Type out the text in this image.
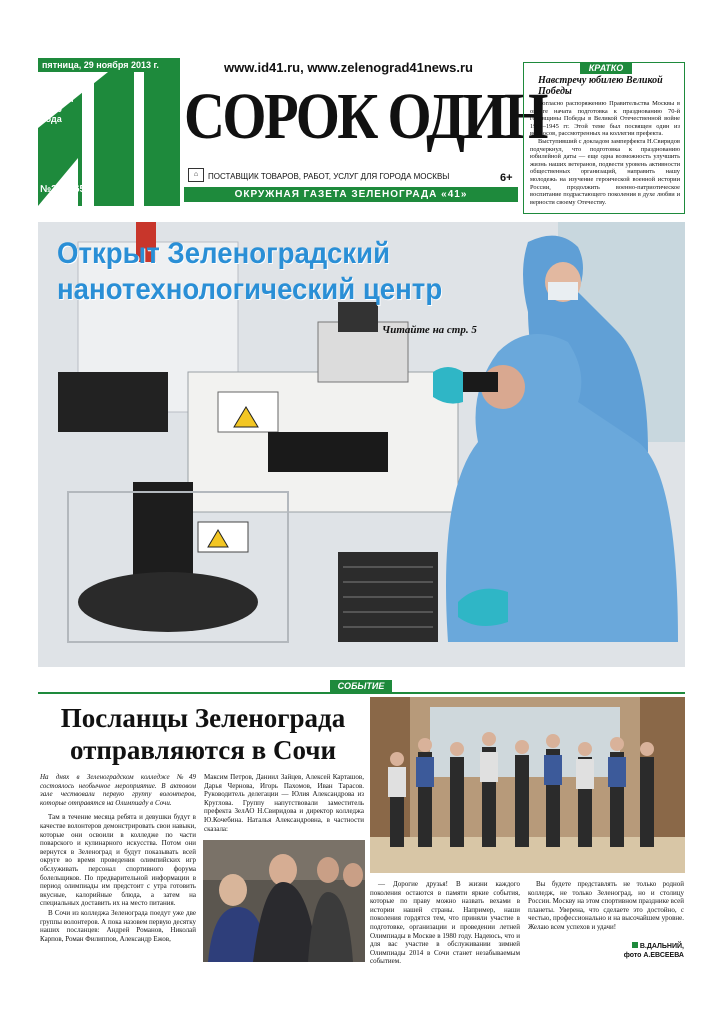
пятница, 29 ноября 2013 г.
выходит с июля 1990 года
№28 (365)
www.id41.ru, www.zelenograd41news.ru
СОРОК ОДИН
⌂	ПОСТАВЩИК ТОВАРОВ, РАБОТ, УСЛУГ ДЛЯ ГОРОДА МОСКВЫ	6+
ОКРУЖНАЯ ГАЗЕТА ЗЕЛЕНОГРАДА «41»
Навстречу юбилею Великой Победы

Согласно распоряжению Правительства Москвы в округе начата подготовка к празднованию 70-й годовщины Победы в Великой Отечественной войне 1941–1945 гг. Этой теме был посвящен один из вопросов, рассмотренных на коллегии префекта.

Выступивший с докладом замперфекта Н.Свиридов подчеркнул, что подготовка к празднованию юбилейной даты — еще одна возможность улучшить жизнь наших ветеранов, подвести уровень активности общественных организаций, направить нашу молодежь на изучение героической военной истории России, продолжить военно-патриотическое воспитание подрастающего поколения в духе любви и верности своему Отечеству.

КРАТКО
Открыт Зеленоградский
нанотехнологический центр
Читайте на стр. 5
СОБЫТИЕ
Посланцы Зеленограда
отправляются в Сочи

На днях в Зеленоградском колледже №49 состоялось необычное мероприятие. В актовом зале чествовали первую группу волонтеров, которые отправятся на Олимпиаду в Сочи.

Там в течение месяца ребята и девушки будут в качестве волонтеров демонстрировать свои навыки, которые они освоили в колледже по части поварского и кулинарного искусства. Потом они вернутся в Зеленоград и будут показывать всей округе во время проведения олимпийских игр обслуживать персонал спортивного форума болельщиков. По предварительной информации в период олимпиады им предстоит с утра готовить вкусные, калорийные блюда, а затем на специальных доставить их на место питания.

В Сочи из колледжа Зеленограда поедут уже две группы волонтеров. А пока назовем первую десятку наших посланцев: Андрей Романов, Николай Карпов, Роман Филиппов, Александр Ежов,

Максим Петров, Даниил Зайцев, Алексей Карташов, Дарья Чернова, Игорь Пахомов, Иван Тарасов. Руководитель делегации — Юлия Александрова из Круглова. Группу напутствовали заместитель префекта ЗелАО Н.Свиридова и директор колледжа Ю.Кочебина. Наталья Александровна, в частности сказала:

— Дорогие друзья! В жизни каждого поколения остаются в памяти яркие события, которые по праву можно назвать вехами в истории нашей страны. Например, наши поколения гордятся тем, что приняли участие в подготовке, организации и проведении летней Олимпиады в Москве в 1980 году. Надеюсь, что и для вас участие в обслуживании зимней Олимпиады 2014 в Сочи станет незабываемым событием.

Вы будете представлять не только родной колледж, не только Зеленоград, но и столицу России. Москву на этом спортивном празднике всей планеты. Уверена, что сделаете это достойно, с честью, профессионально и на высочайшем уровне. Желаю всем успехов и удачи!

В.ДАЛЬНИЙ,
фото А.ЕВСЕЕВА
